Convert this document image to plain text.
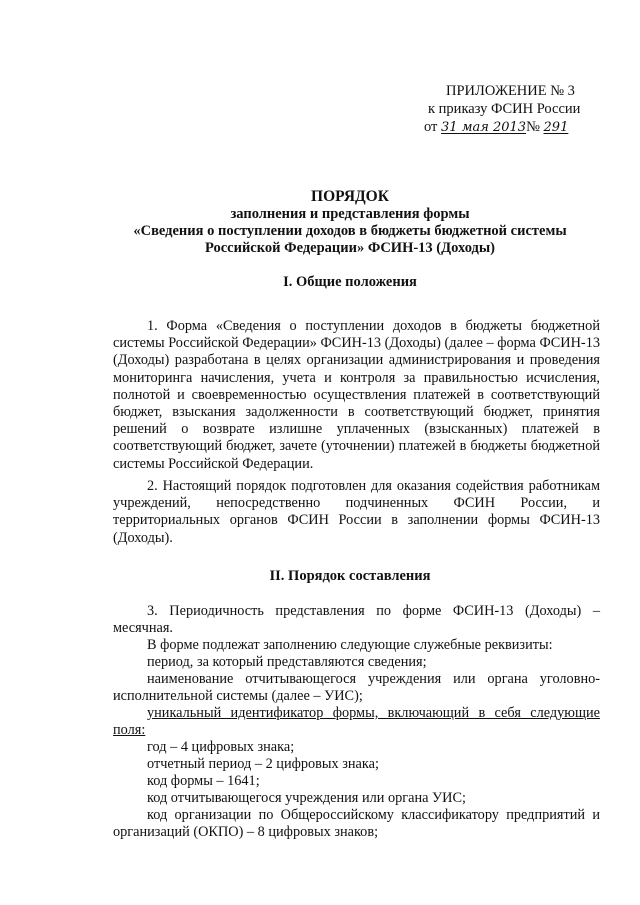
ПРИЛОЖЕНИЕ № 3
к приказу ФСИН России
от 31 мая 2013№ 291
ПОРЯДОК
заполнения и представления формы
«Сведения о поступлении доходов в бюджеты бюджетной системы
Российской Федерации» ФСИН-13 (Доходы)
I. Общие положения
1. Форма «Сведения о поступлении доходов в бюджеты бюджетной системы Российской Федерации» ФСИН-13 (Доходы) (далее – форма ФСИН-13 (Доходы) разработана в целях организации администрирования и проведения мониторинга начисления, учета и контроля за правильностью исчисления, полнотой и своевременностью осуществления платежей в соответствующий бюджет, взыскания задолженности в соответствующий бюджет, принятия решений о возврате излишне уплаченных (взысканных) платежей в соответствующий бюджет, зачете (уточнении) платежей в бюджеты бюджетной системы Российской Федерации.
2. Настоящий порядок подготовлен для оказания содействия работникам учреждений, непосредственно подчиненных ФСИН России, и территориальных органов ФСИН России в заполнении формы ФСИН-13 (Доходы).
II. Порядок составления
3. Периодичность представления по форме ФСИН-13 (Доходы) – месячная.
В форме подлежат заполнению следующие служебные реквизиты:
период, за который представляются сведения;
наименование отчитывающегося учреждения или органа уголовно-исполнительной системы (далее – УИС);
уникальный идентификатор формы, включающий в себя следующие поля:
год – 4 цифровых знака;
отчетный период – 2 цифровых знака;
код формы – 1641;
код отчитывающегося учреждения или органа УИС;
код организации по Общероссийскому классификатору предприятий и организаций (ОКПО) – 8 цифровых знаков;
